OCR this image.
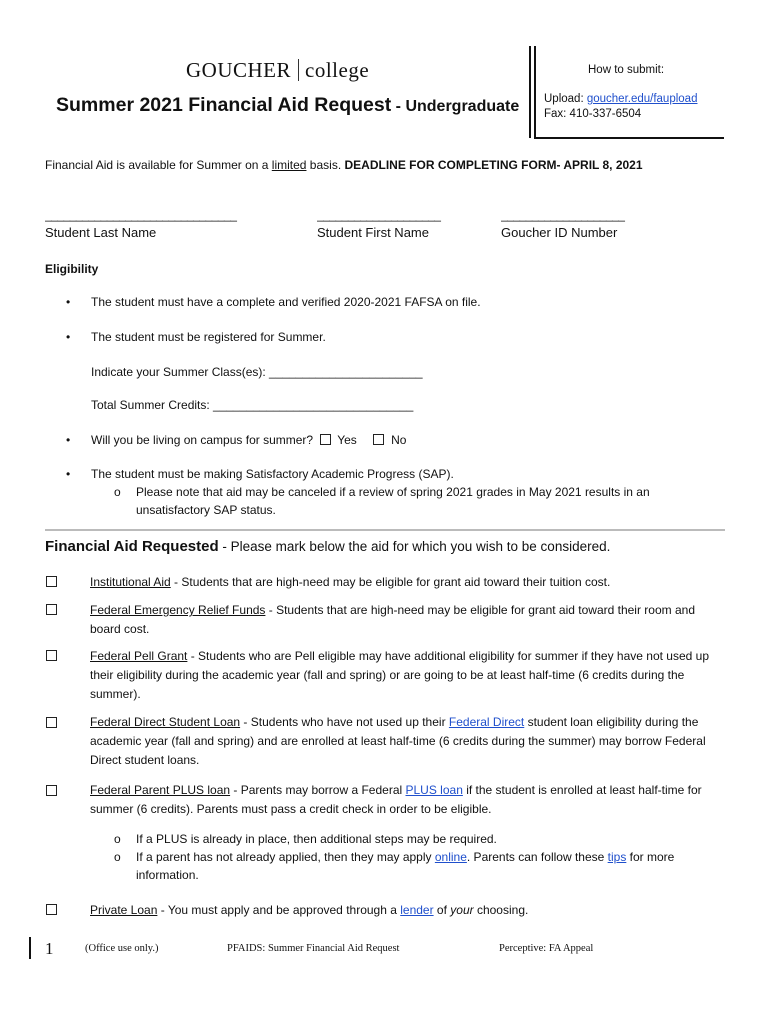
GOUCHER college
Summer 2021 Financial Aid Request - Undergraduate
How to submit:
Upload: goucher.edu/faupload
Fax: 410-337-6504
Financial Aid is available for Summer on a limited basis. DEADLINE FOR COMPLETING FORM- APRIL 8, 2021
_______________________________
Student Last Name
____________________
Student First Name
____________________
Goucher ID Number
Eligibility
• The student must have a complete and verified 2020-2021 FAFSA on file.
• The student must be registered for Summer.
Indicate your Summer Class(es): _______________________
Total Summer Credits: ______________________________
• Will you be living on campus for summer? Yes	No
• The student must be making Satisfactory Academic Progress (SAP).
o Please note that aid may be canceled if a review of spring 2021 grades in May 2021 results in an unsatisfactory SAP status.
Financial Aid Requested - Please mark below the aid for which you wish to be considered.
Institutional Aid - Students that are high-need may be eligible for grant aid toward their tuition cost.
Federal Emergency Relief Funds - Students that are high-need may be eligible for grant aid toward their room and board cost.
Federal Pell Grant - Students who are Pell eligible may have additional eligibility for summer if they have not used up their eligibility during the academic year (fall and spring) or are going to be at least half-time (6 credits during the summer).
Federal Direct Student Loan - Students who have not used up their Federal Direct student loan eligibility during the academic year (fall and spring) and are enrolled at least half-time (6 credits during the summer) may borrow Federal Direct student loans.
Federal Parent PLUS loan - Parents may borrow a Federal PLUS loan if the student is enrolled at least half-time for summer (6 credits). Parents must pass a credit check in order to be eligible.
o If a PLUS is already in place, then additional steps may be required.
o If a parent has not already applied, then they may apply online. Parents can follow these tips for more information.
Private Loan - You must apply and be approved through a lender of your choosing.
1	(Office use only.)	PFAIDS: Summer Financial Aid Request	Perceptive: FA Appeal
